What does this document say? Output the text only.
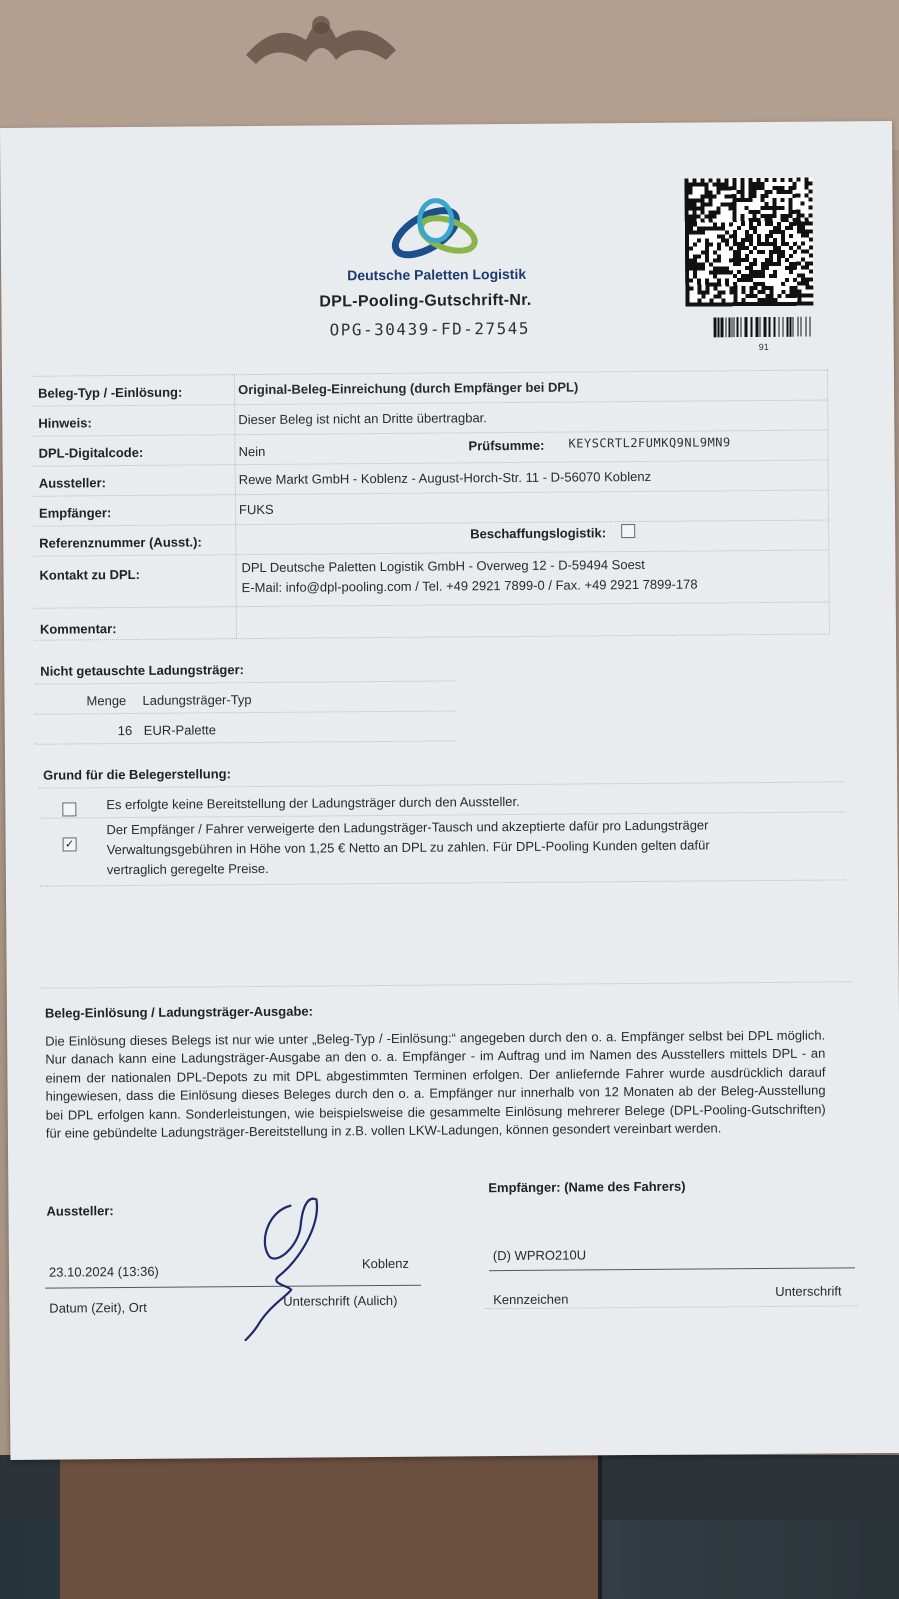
Deutsche Paletten Logistik
DPL-Pooling-Gutschrift-Nr.
OPG-30439-FD-27545
91
Beleg-Typ / -Einlösung:	Original-Beleg-Einreichung (durch Empfänger bei DPL)
Hinweis:	Dieser Beleg ist nicht an Dritte übertragbar.
DPL-Digitalcode:	Nein	Prüfsumme: KEYSCRTL2FUMKQ9NL9MN9
Aussteller:	Rewe Markt GmbH - Koblenz - August-Horch-Str. 11 - D-56070 Koblenz
Empfänger:	FUKS
Referenznummer (Ausst.):
Beschaffungslogistik:
Kontakt zu DPL:	DPL Deutsche Paletten Logistik GmbH - Overweg 12 - D-59494 Soest
E-Mail: info@dpl-pooling.com / Tel. +49 2921 7899-0 / Fax. +49 2921 7899-178
Kommentar:
Nicht getauschte Ladungsträger:
Menge Ladungsträger-Typ
16 EUR-Palette
Grund für die Belegerstellung:
Es erfolgte keine Bereitstellung der Ladungsträger durch den Aussteller.
✓
Der Empfänger / Fahrer verweigerte den Ladungsträger-Tausch und akzeptierte dafür pro Ladungsträger
Verwaltungsgebühren in Höhe von 1,25 € Netto an DPL zu zahlen. Für DPL-Pooling Kunden gelten dafür
vertraglich geregelte Preise.
Beleg-Einlösung / Ladungsträger-Ausgabe:
Die Einlösung dieses Belegs ist nur wie unter „Beleg-Typ / -Einlösung:“ angegeben durch den o. a. Empfänger selbst bei DPL möglich. Nur danach kann eine Ladungsträger-Ausgabe an den o. a. Empfänger - im Auftrag und im Namen des Ausstellers mittels DPL - an einem der nationalen DPL-Depots zu mit DPL abgestimmten Terminen erfolgen. Der anliefernde Fahrer wurde ausdrücklich darauf hingewiesen, dass die Einlösung dieses Beleges durch den o. a. Empfänger nur innerhalb von 12 Monaten ab der Beleg-Ausstellung bei DPL erfolgen kann. Sonderleistungen, wie beispielsweise die gesammelte Einlösung mehrerer Belege (DPL-Pooling-Gutschriften) für eine gebündelte Ladungsträger-Bereitstellung in z.B. vollen LKW-Ladungen, können gesondert vereinbart werden.
Aussteller:
23.10.2024 (13:36)
Koblenz
Datum (Zeit), Ort	Unterschrift (Aulich)
Empfänger: (Name des Fahrers)
(D) WPRO210U
Kennzeichen
Unterschrift
